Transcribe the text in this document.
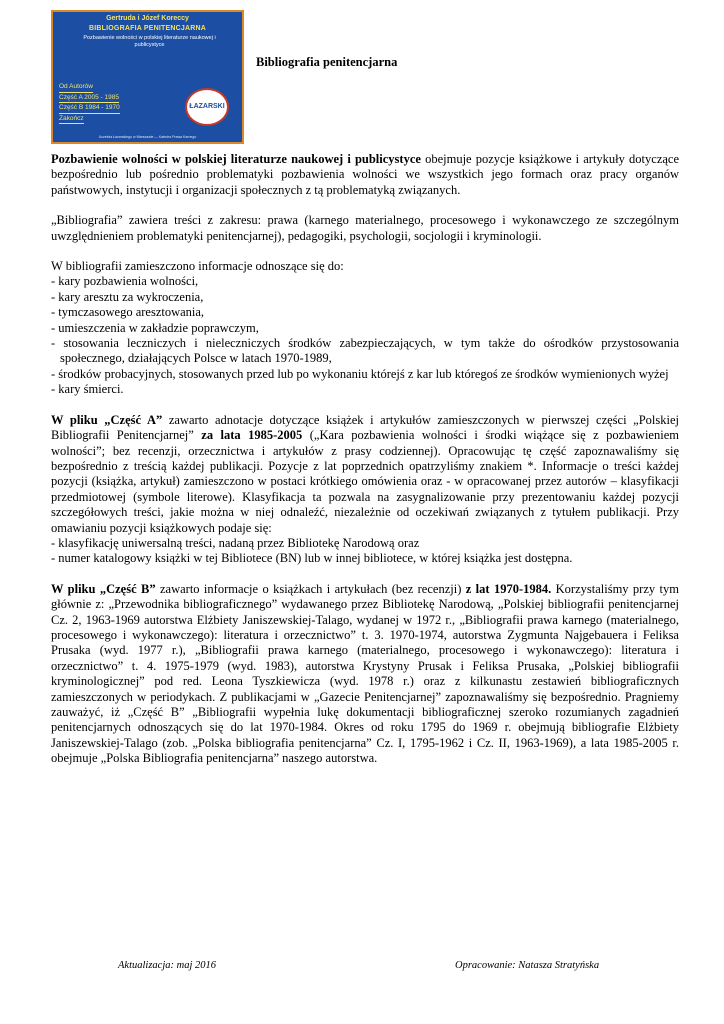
Gertruda i Józef Koreccy
BIBLIOGRAFIA PENITENCJARNA
Pozbawienie wolności w polskiej literaturze naukowej i publicystyce
Od Autorów
Część A 2005 - 1985
Część B 1984 - 1970
Zakończ
ŁAZARSKI
Uczelnia Łazarskiego w Warszawie — Katedra Prawa Karnego
Bibliografia penitencjarna

Pozbawienie wolności w polskiej literaturze naukowej i publicystyce obejmuje pozycje książkowe i artykuły dotyczące bezpośrednio lub pośrednio problematyki pozbawienia wolności we wszystkich jego formach oraz pracy organów państwowych, instytucji i organizacji społecznych z tą problematyką związanych.

„Bibliografia” zawiera treści z zakresu: prawa (karnego materialnego, procesowego i wykonawczego ze szczególnym uwzględnieniem problematyki penitencjarnej), pedagogiki, psychologii, socjologii i kryminologii.

W bibliografii zamieszczono informacje odnoszące się do:
- kary pozbawienia wolności,
- kary aresztu za wykroczenia,
- tymczasowego aresztowania,
- umieszczenia w zakładzie poprawczym,
- stosowania leczniczych i nieleczniczych środków zabezpieczających, w tym także do ośrodków przystosowania społecznego, działających Polsce w latach 1970-1989,
- środków probacyjnych, stosowanych przed lub po wykonaniu którejś z kar lub któregoś ze środków wymienionych wyżej
- kary śmierci.
W pliku „Część A” zawarto adnotacje dotyczące książek i artykułów zamieszczonych w pierwszej części „Polskiej Bibliografii Penitencjarnej” za lata 1985-2005 („Kara pozbawienia wolności i środki wiążące się z pozbawieniem wolności”; bez recenzji, orzecznictwa i artykułów z prasy codziennej). Opracowując tę część zapoznawaliśmy się bezpośrednio z treścią każdej publikacji. Pozycje z lat poprzednich opatrzyliśmy znakiem *. Informacje o treści każdej pozycji (książka, artykuł) zamieszczono w postaci krótkiego omówienia oraz - w opracowanej przez autorów – klasyfikacji przedmiotowej (symbole literowe). Klasyfikacja ta pozwala na zasygnalizowanie przy prezentowaniu każdej pozycji szczegółowych treści, jakie można w niej odnaleźć, niezależnie od oczekiwań związanych z tytułem publikacji. Przy omawianiu pozycji książkowych podaje się:
- klasyfikację uniwersalną treści, nadaną przez Bibliotekę Narodową oraz
- numer katalogowy książki w tej Bibliotece (BN) lub w innej bibliotece, w której książka jest dostępna.

W pliku „Część B” zawarto informacje o książkach i artykułach (bez recenzji) z lat 1970-1984. Korzystaliśmy przy tym głównie z: „Przewodnika bibliograficznego” wydawanego przez Bibliotekę Narodową, „Polskiej bibliografii penitencjarnej Cz. 2, 1963-1969 autorstwa Elżbiety Janiszewskiej-Talago, wydanej w 1972 r., „Bibliografii prawa karnego (materialnego, procesowego i wykonawczego): literatura i orzecznictwo” t. 3. 1970-1974, autorstwa Zygmunta Najgebauera i Feliksa Prusaka (wyd. 1977 r.), „Bibliografii prawa karnego (materialnego, procesowego i wykonawczego): literatura i orzecznictwo” t. 4. 1975-1979 (wyd. 1983), autorstwa Krystyny Prusak i Feliksa Prusaka, „Polskiej bibliografii kryminologicznej” pod red. Leona Tyszkiewicza (wyd. 1978 r.) oraz z kilkunastu zestawień bibliograficznych zamieszczonych w periodykach. Z publikacjami w „Gazecie Penitencjarnej” zapoznawaliśmy się bezpośrednio. Pragniemy zauważyć, iż „Część B” „Bibliografii wypełnia lukę dokumentacji bibliograficznej szeroko rozumianych zagadnień penitencjarnych odnoszących się do lat 1970-1984. Okres od roku 1795 do 1969 r. obejmują bibliografie Elżbiety Janiszewskiej-Talago (zob. „Polska bibliografia penitencjarna” Cz. I, 1795-1962 i Cz. II, 1963-1969), a lata 1985-2005 r. obejmuje „Polska Bibliografia penitencjarna” naszego autorstwa.

Aktualizacja: maj 2016	Opracowanie: Natasza Stratyńska
